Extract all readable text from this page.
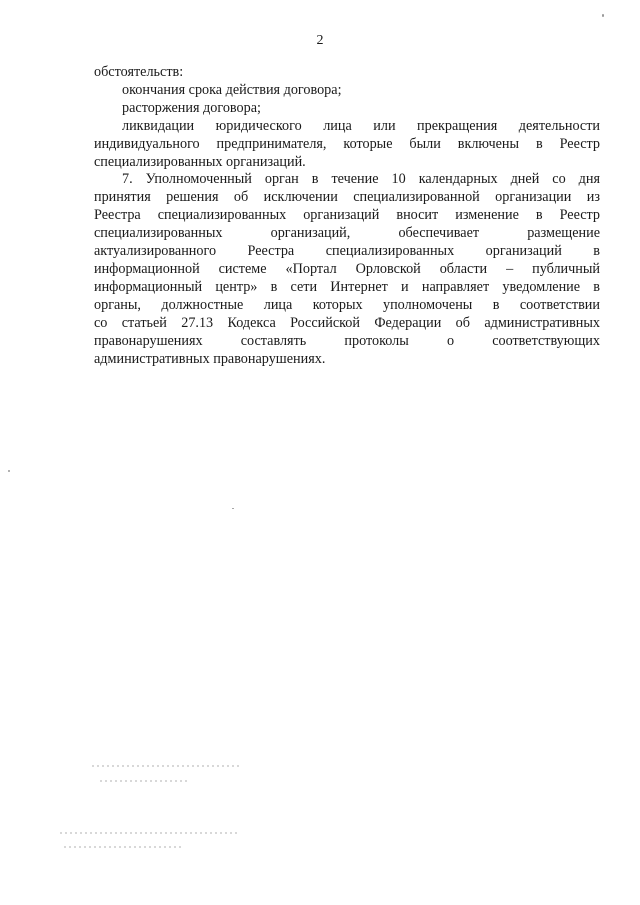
2
обстоятельств:
окончания срока действия договора;
расторжения договора;
ликвидации юридического лица или прекращения деятельности
индивидуального предпринимателя, которые были включены в Реестр
специализированных организаций.
7. Уполномоченный орган в течение 10 календарных дней со дня
принятия решения об исключении специализированной организации из
Реестра специализированных организаций вносит изменение в Реестр
специализированных организаций, обеспечивает размещение
актуализированного Реестра специализированных организаций в
информационной системе «Портал Орловской области – публичный
информационный центр» в сети Интернет и направляет уведомление в
органы, должностные лица которых уполномочены в соответствии
со статьей 27.13 Кодекса Российской Федерации об административных
правонарушениях составлять протоколы о соответствующих
административных правонарушениях.
